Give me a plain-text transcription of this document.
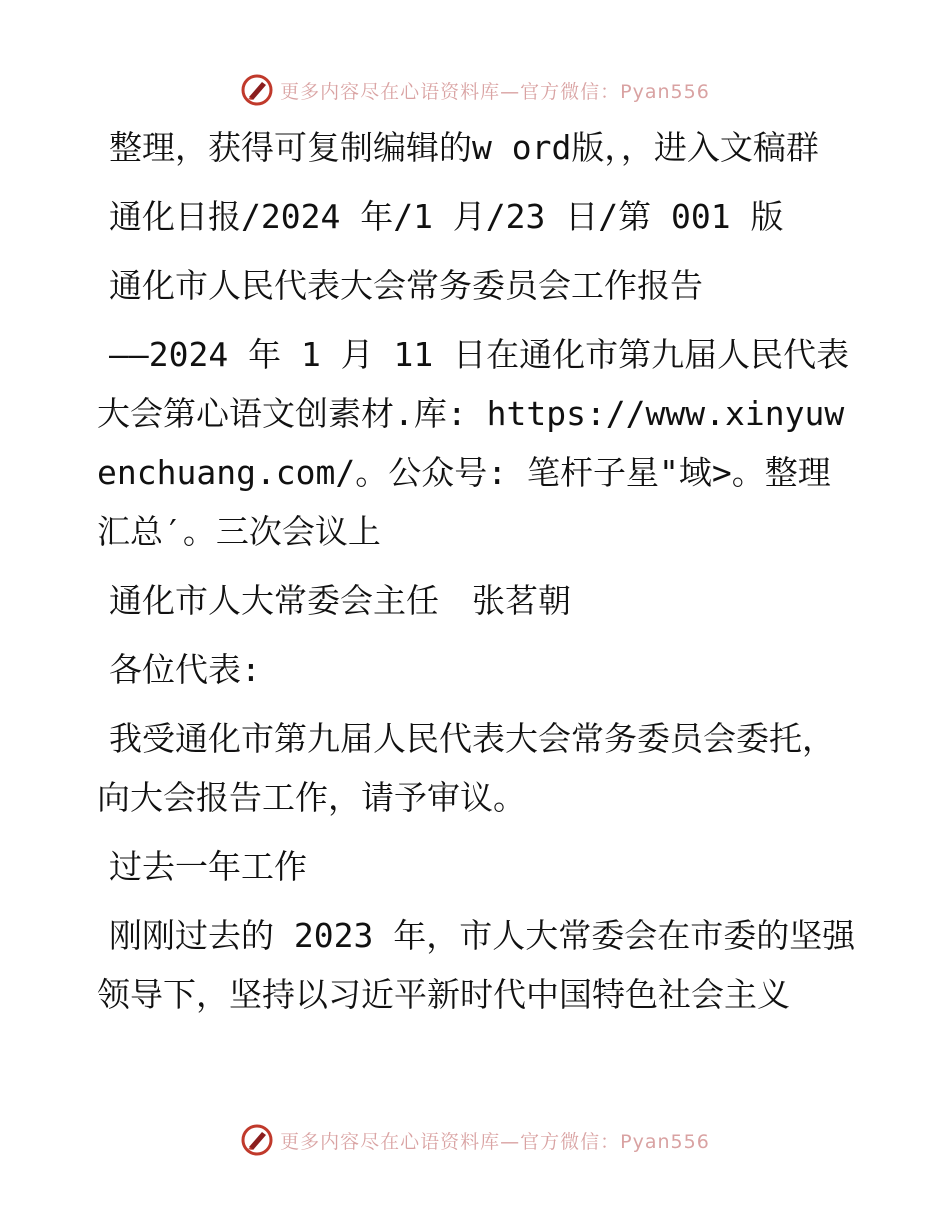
更多内容尽在心语资料库—官方微信：Pyan556

整理，获得可复制编辑的w ord版，，进入文稿群

通化日报/2024 年/1 月/23 日/第 001 版

通化市人民代表大会常务委员会工作报告

——2024 年 1 月 11 日在通化市第九届人民代表大会第心语文创素材.库: https://www.xinyuwenchuang.com/。公众号: 笔杆子星"域>。整理汇总′。三次会议上

通化市人大常委会主任　张茗朝

各位代表:

我受通化市第九届人民代表大会常务委员会委托，向大会报告工作，请予审议。

过去一年工作

刚刚过去的 2023 年，市人大常委会在市委的坚强领导下，坚持以习近平新时代中国特色社会主义

更多内容尽在心语资料库—官方微信：Pyan556
